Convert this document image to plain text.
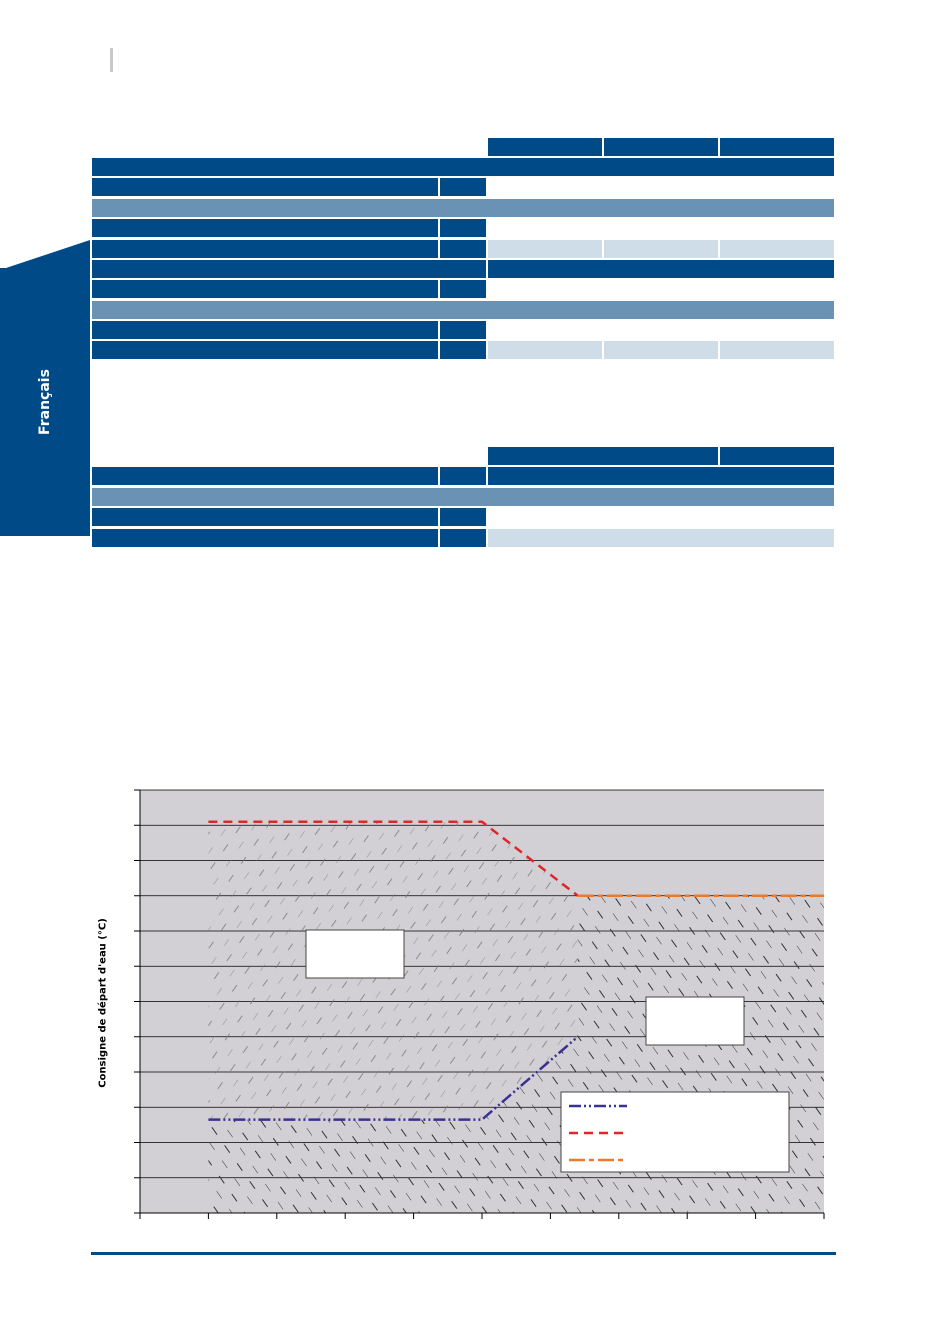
Français
Consigne de départ d'eau (°C)
